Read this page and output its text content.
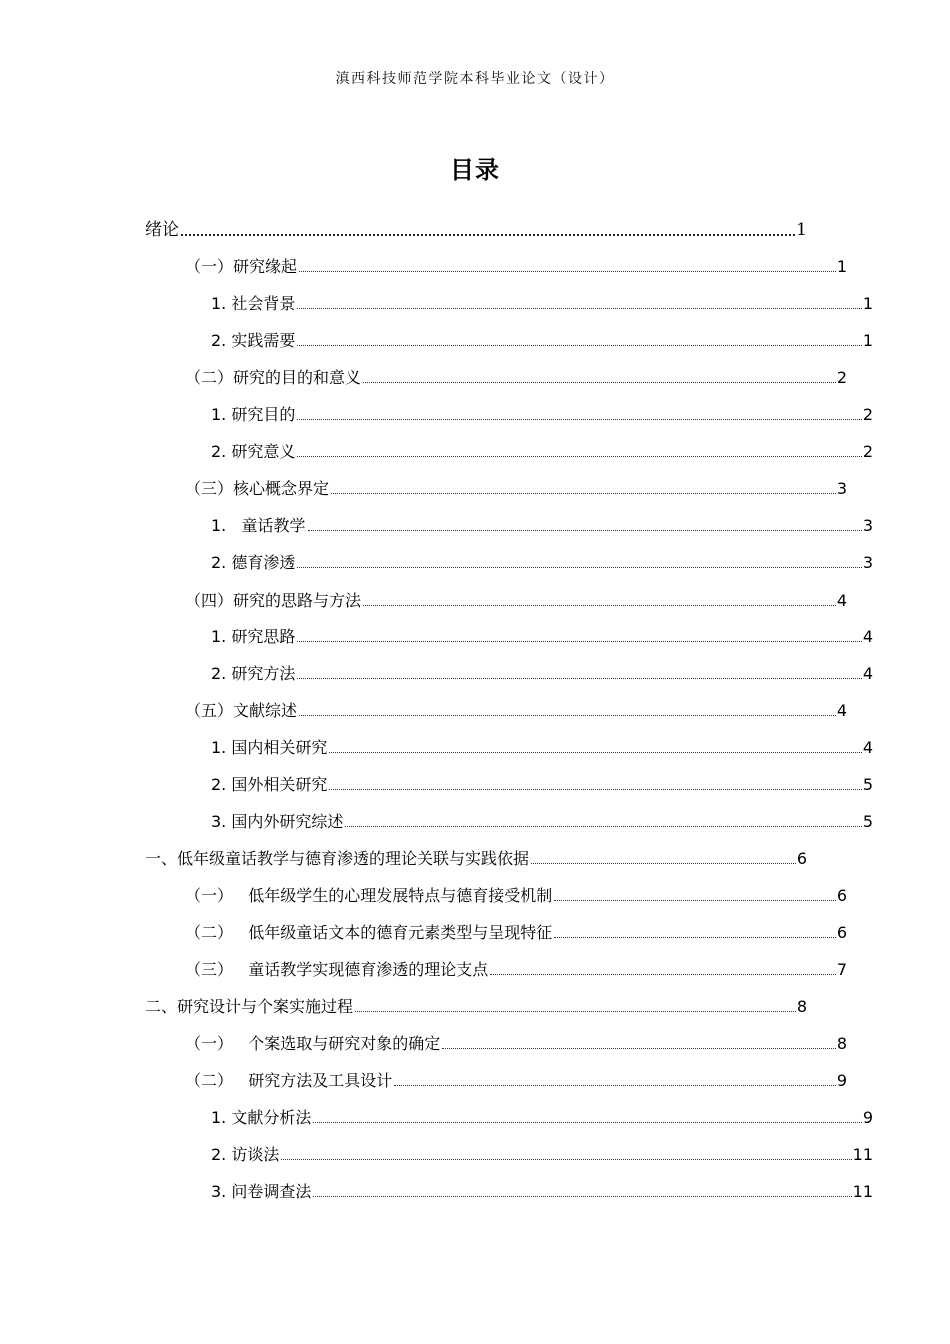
滇西科技师范学院本科毕业论文（设计）
目录
绪论	1
（一）研究缘起	1
1. 社会背景	1
2. 实践需要	1
（二）研究的目的和意义	2
1. 研究目的	2
2. 研究意义	2
（三）核心概念界定	3
1.   童话教学	3
2. 德育渗透	3
（四）研究的思路与方法	4
1. 研究思路	4
2. 研究方法	4
（五）文献综述	4
1. 国内相关研究	4
2. 国外相关研究	5
3. 国内外研究综述	5
一、低年级童话教学与德育渗透的理论关联与实践依据	6
（一）   低年级学生的心理发展特点与德育接受机制	6
（二）   低年级童话文本的德育元素类型与呈现特征	6
（三）   童话教学实现德育渗透的理论支点	7
二、研究设计与个案实施过程	8
（一）   个案选取与研究对象的确定	8
（二）   研究方法及工具设计	9
1. 文献分析法	9
2. 访谈法	11
3. 问卷调查法	11
